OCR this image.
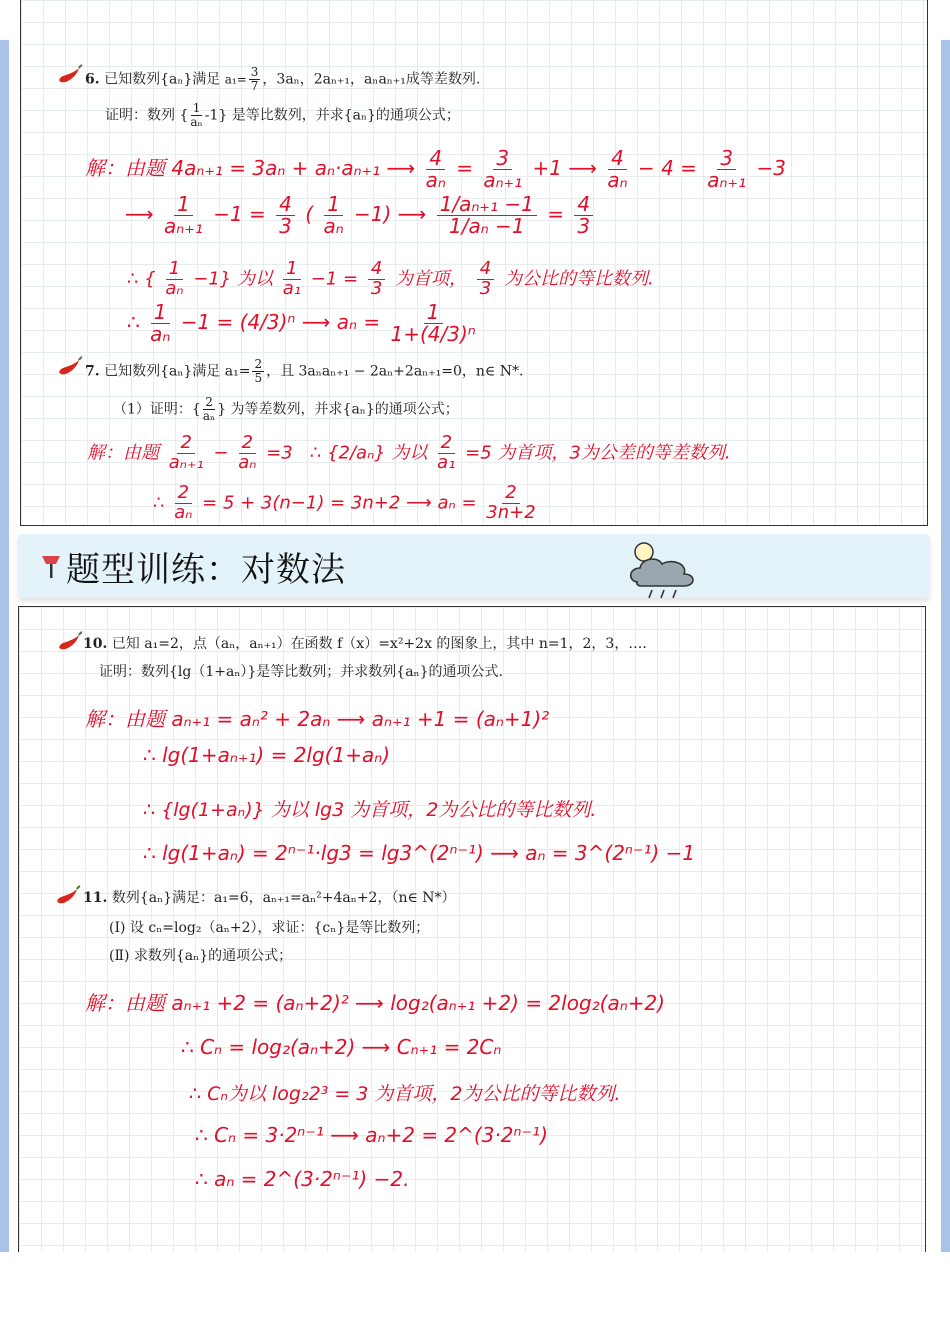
6. 已知数列{aₙ}满足 $a_1= \frac{3}{7}$ ，3aₙ，2aₙ₊₁，aₙaₙ₊₁成等差数列.
证明：数列 { $\frac{1}{\text{aₙ}} -1$} 是等比数列，并求{aₙ}的通项公式；
解：由题 4aₙ₊₁ = 3aₙ + aₙ·aₙ₊₁ ⟶ $\frac{4}{\text{aₙ}} = \frac{3}{\text{aₙ₊₁}} +1$ ⟶ $\frac{4}{\text{aₙ}} - 4 = \frac{3}{\text{aₙ₊₁}} -3$
⟶ $\frac{1}{\text{aₙ₊₁}} -1 = \frac{4}{3}$ ( $\frac{1}{\text{aₙ}} -1$) ⟶ $\frac{\text{1/aₙ₊₁ −1}}{\text{1/aₙ −1}} = \frac{4}{3}$
∴ { $\frac{1}{\text{aₙ}} -1$} 为以 $\frac{1}{\text{a₁}} -1 = \frac{4}{3}$ 为首项， $\frac{4}{3}$ 为公比的等比数列.
∴ $\frac{1}{\text{aₙ}} -1 = (4/3)^n$ ⟶ $a_n = \frac{1}{\text{1+(4/3)ⁿ}}$
7. 已知数列{aₙ}满足 $a_1= \frac{2}{5}$ ，且 3aₙaₙ₊₁ − 2aₙ+2aₙ₊₁=0，n∈ N*.
（1）证明：{ $\frac{2}{\text{aₙ}}$ } 为等差数列，并求{aₙ}的通项公式；
解：由题 $\frac{2}{\text{aₙ₊₁}} - \frac{2}{\text{aₙ}} =3$ ∴ {2/aₙ} 为以 $\frac{2}{\text{a₁}} =5$ 为首项，3为公差的等差数列.
∴ $\frac{2}{\text{aₙ}} = 5 + 3(n-1) = 3n+2$ ⟶ $a_n = \frac{2}{3n+2}$
题型训练：对数法
10. 已知 a₁=2，点（aₙ，aₙ₊₁）在函数 f（x）=x²+2x 的图象上，其中 n=1，2，3，….
证明：数列{lg（1+aₙ）}是等比数列；并求数列{aₙ}的通项公式.
解：由题 aₙ₊₁ = aₙ² + 2aₙ ⟶ aₙ₊₁ +1 = (aₙ+1)²
∴ lg(1+aₙ₊₁) = 2lg(1+aₙ)
∴ {lg(1+aₙ)} 为以 lg3 为首项，2为公比的等比数列.
∴ lg(1+aₙ) = 2ⁿ⁻¹·lg3 = lg3^(2ⁿ⁻¹) ⟶ aₙ = 3^(2ⁿ⁻¹) −1
11. 数列{aₙ}满足：a₁=6，aₙ₊₁=aₙ²+4aₙ+2，（n∈ N*）
(Ⅰ) 设 cₙ=log₂（aₙ+2），求证：{cₙ}是等比数列；
(Ⅱ) 求数列{aₙ}的通项公式；
解：由题 aₙ₊₁ +2 = (aₙ+2)² ⟶ log₂(aₙ₊₁ +2) = 2log₂(aₙ+2)
∴ Cₙ = log₂(aₙ+2) ⟶ Cₙ₊₁ = 2Cₙ
∴ Cₙ为以 log₂2³ = 3 为首项，2为公比的等比数列.
∴ Cₙ = 3·2ⁿ⁻¹ ⟶ aₙ+2 = 2^(3·2ⁿ⁻¹)
∴ aₙ = 2^(3·2ⁿ⁻¹) −2.
